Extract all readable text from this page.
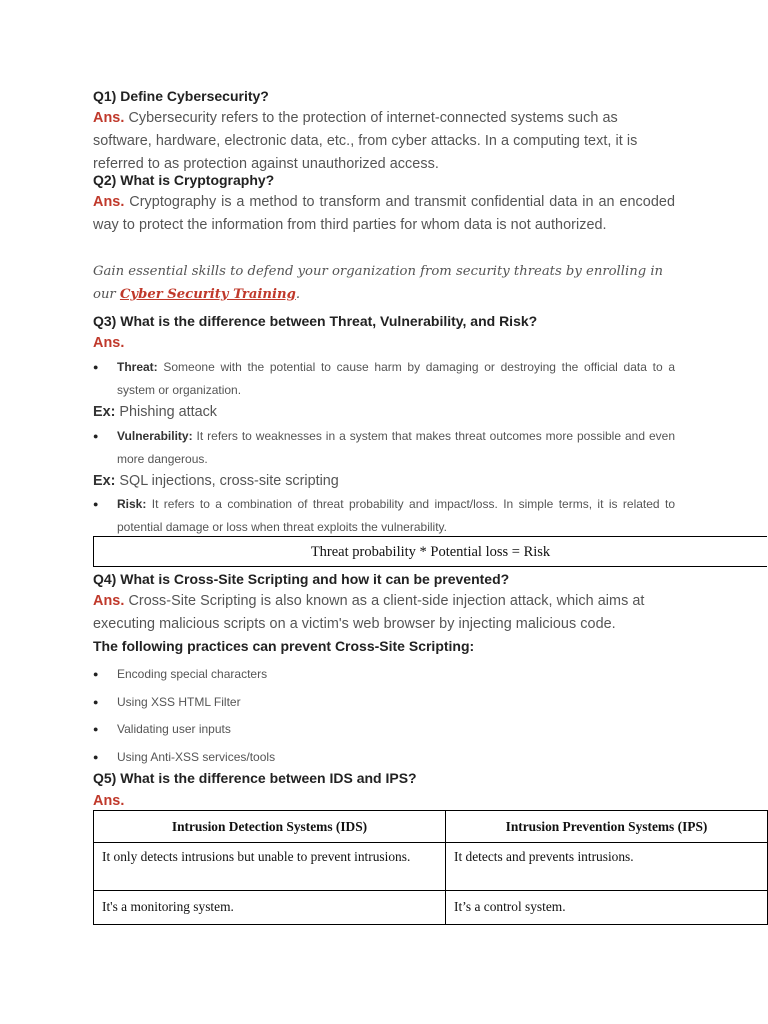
Q1) Define Cybersecurity?
Ans. Cybersecurity refers to the protection of internet-connected systems such as software, hardware, electronic data, etc., from cyber attacks. In a computing text, it is referred to as protection against unauthorized access.
Q2) What is Cryptography?
Ans. Cryptography is a method to transform and transmit confidential data in an encoded way to protect the information from third parties for whom data is not authorized.
Gain essential skills to defend your organization from security threats by enrolling in our Cyber Security Training.
Q3) What is the difference between Threat, Vulnerability, and Risk?
Ans.
● Threat: Someone with the potential to cause harm by damaging or destroying the official data to a system or organization.
Ex: Phishing attack
● Vulnerability: It refers to weaknesses in a system that makes threat outcomes more possible and even more dangerous.
Ex: SQL injections, cross-site scripting
● Risk: It refers to a combination of threat probability and impact/loss. In simple terms, it is related to potential damage or loss when threat exploits the vulnerability.
Threat probability * Potential loss = Risk
Q4) What is Cross-Site Scripting and how it can be prevented?
Ans. Cross-Site Scripting is also known as a client-side injection attack, which aims at executing malicious scripts on a victim's web browser by injecting malicious code.
The following practices can prevent Cross-Site Scripting:
● Encoding special characters
● Using XSS HTML Filter
● Validating user inputs
● Using Anti-XSS services/tools
Q5) What is the difference between IDS and IPS?
Ans.
Intrusion Detection Systems (IDS)	Intrusion Prevention Systems (IPS)
It only detects intrusions but unable to prevent intrusions.	It detects and prevents intrusions.
It's a monitoring system.	It’s a control system.
